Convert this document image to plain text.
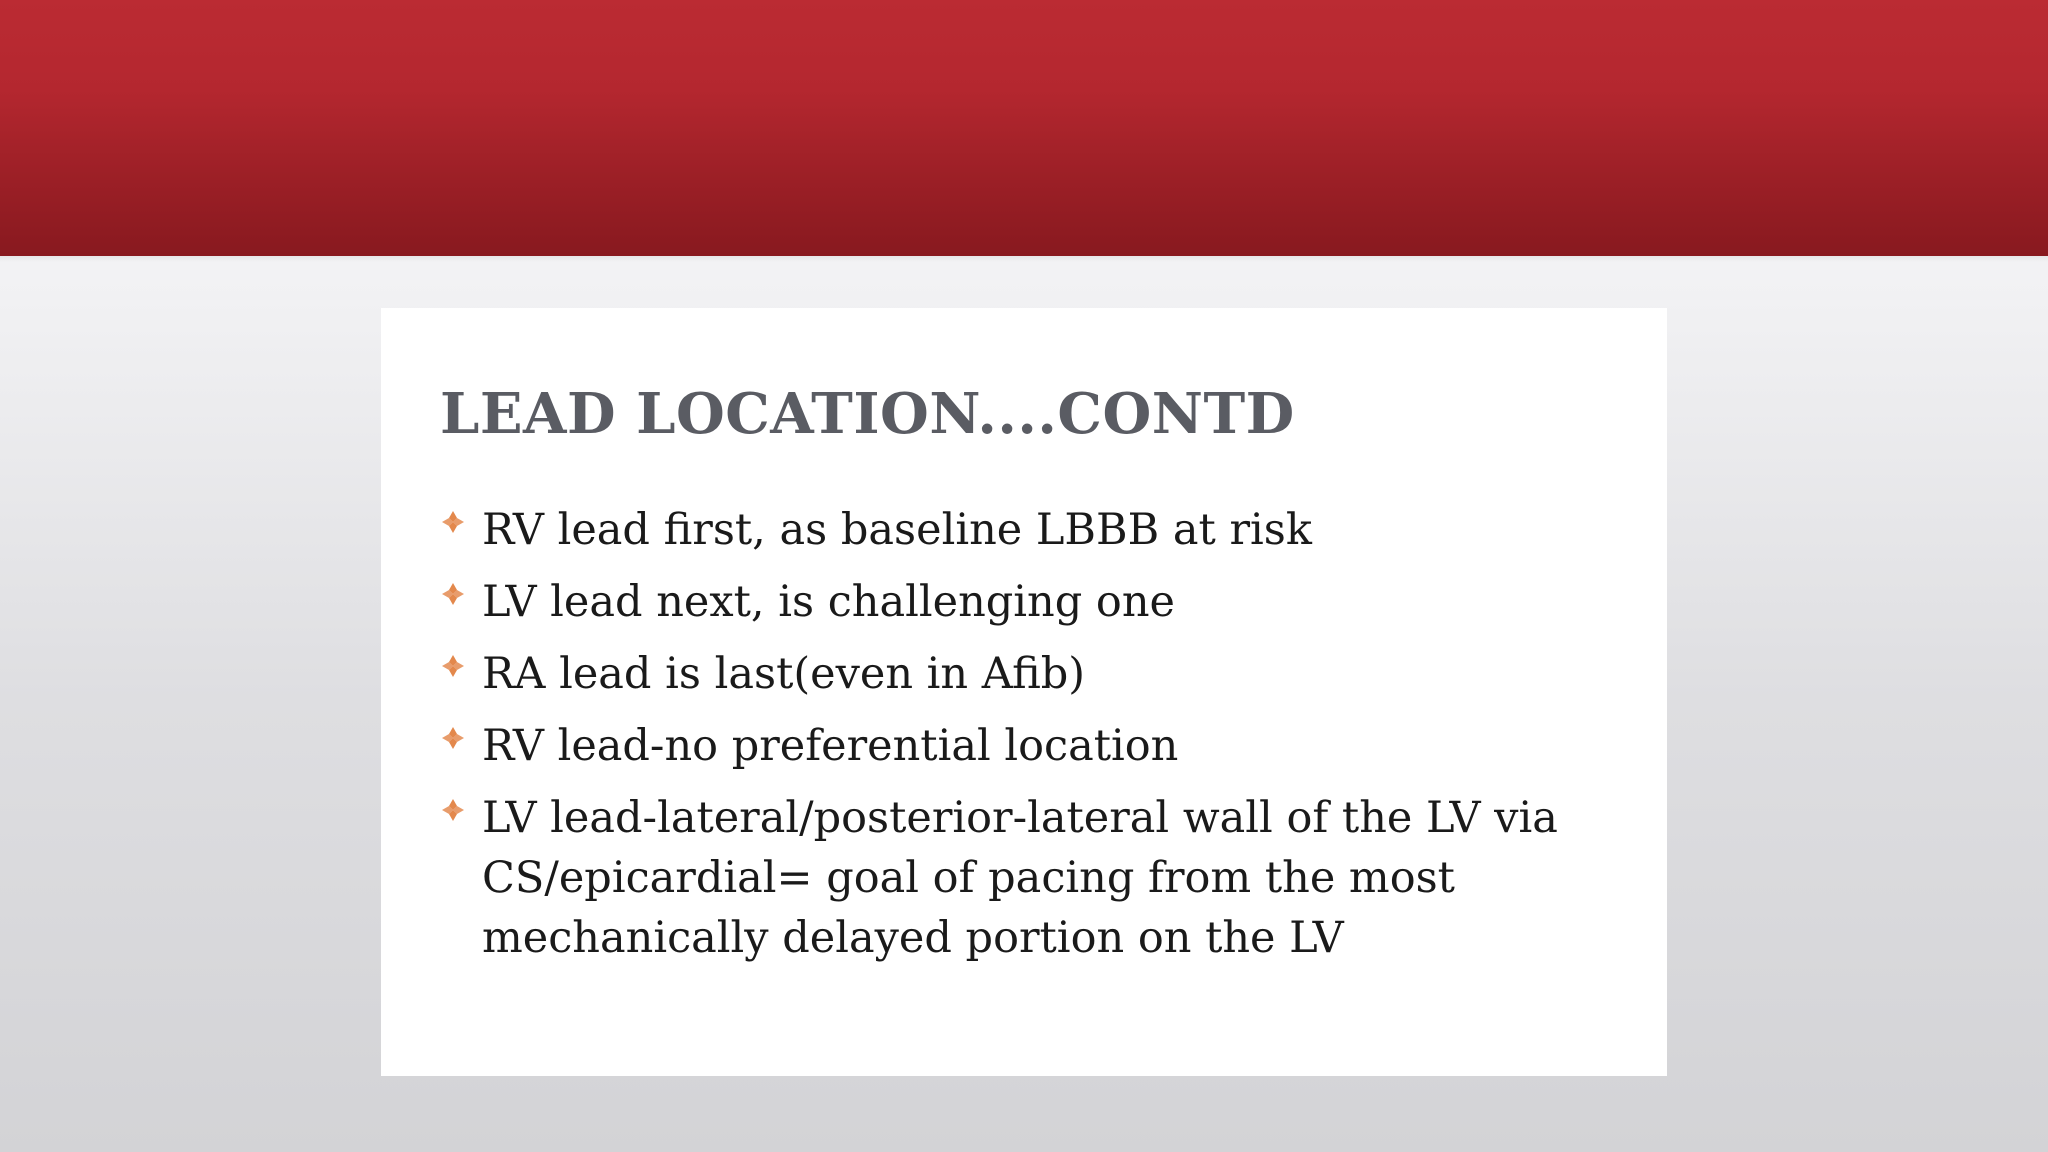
LEAD LOCATION....CONTD
RV lead first, as baseline LBBB at risk
LV lead next, is challenging one
RA lead is last(even in Afib)
RV lead-no preferential location
LV lead-lateral/posterior-lateral wall of the LV via CS/epicardial= goal of pacing from the most mechanically delayed portion on the LV
